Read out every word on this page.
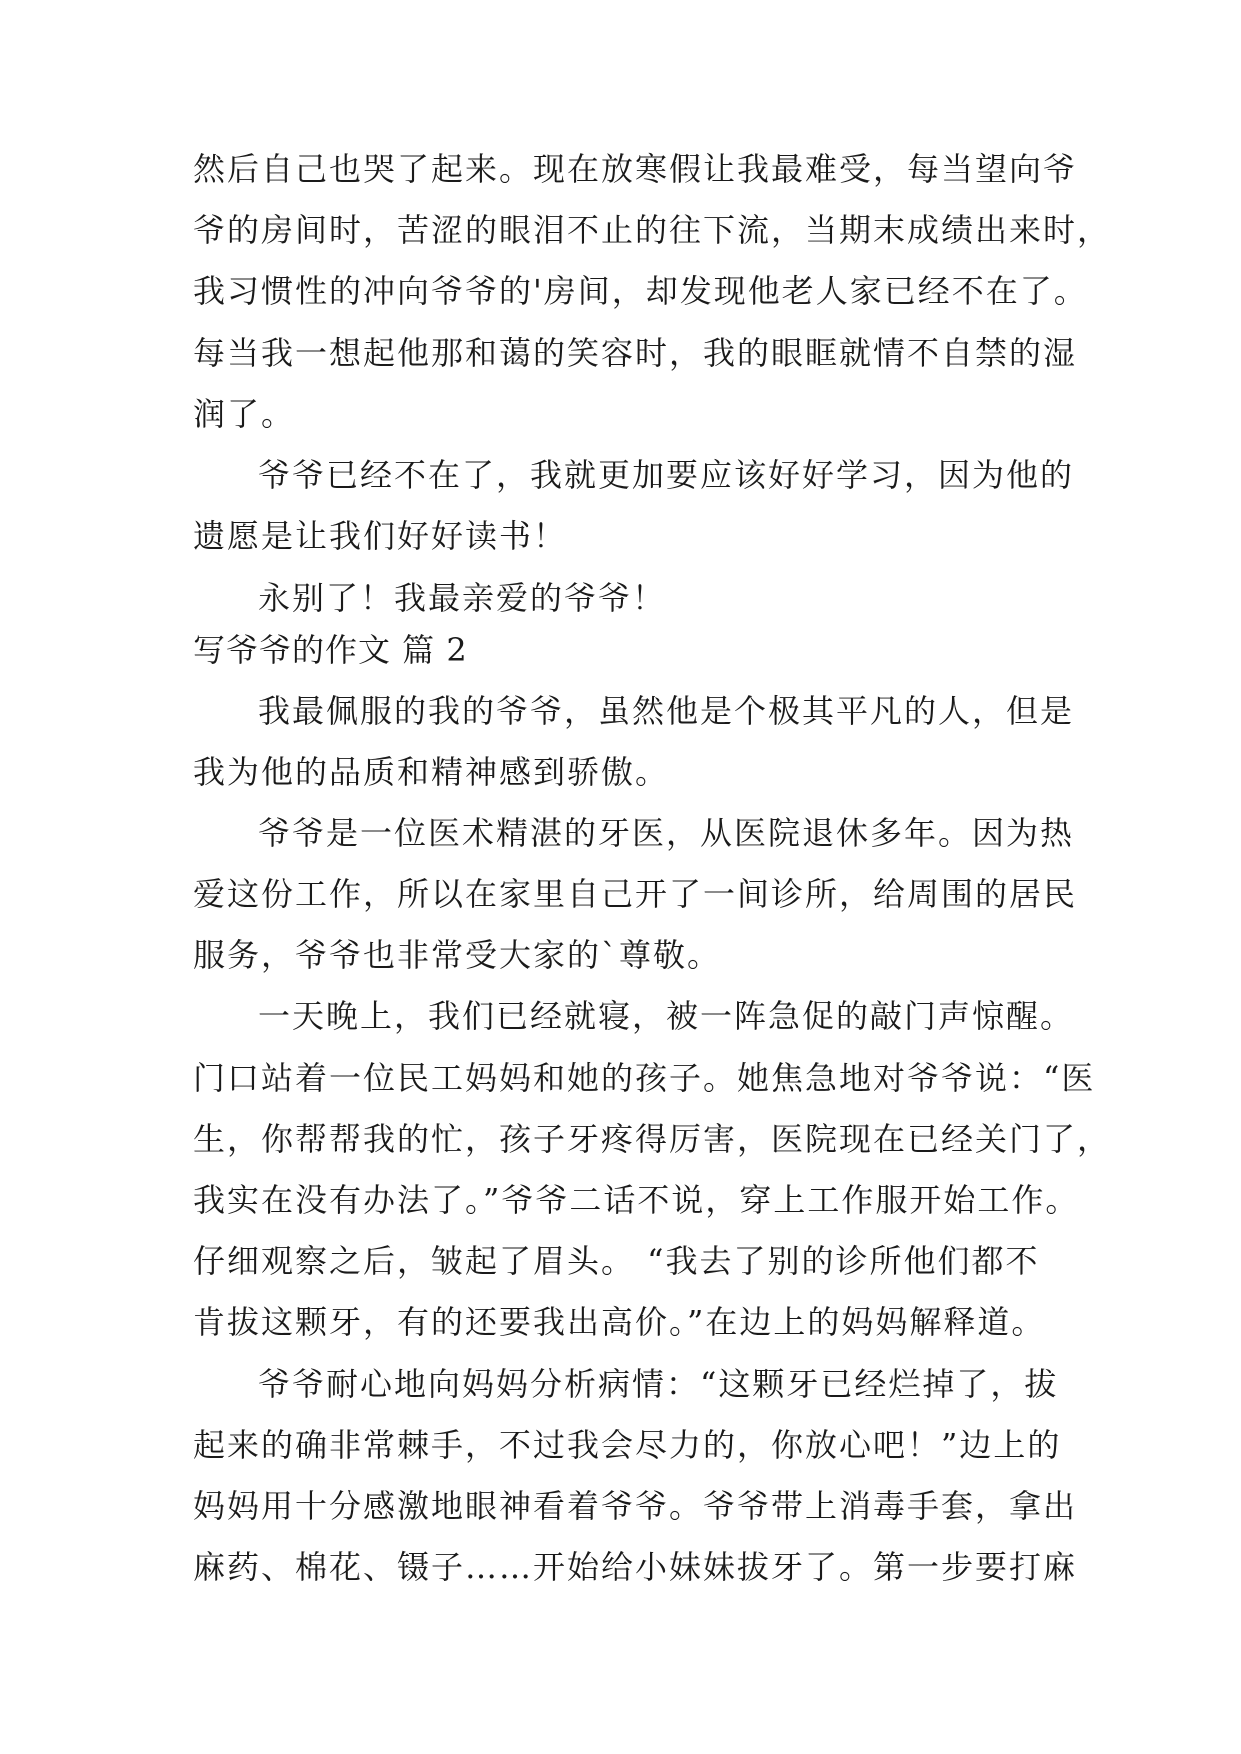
然后自己也哭了起来。现在放寒假让我最难受，每当望向爷
爷的房间时，苦涩的眼泪不止的往下流，当期末成绩出来时，
我习惯性的冲向爷爷的'房间，却发现他老人家已经不在了。
每当我一想起他那和蔼的笑容时，我的眼眶就情不自禁的湿
润了。
爷爷已经不在了，我就更加要应该好好学习，因为他的
遗愿是让我们好好读书！
永别了！我最亲爱的爷爷！
写爷爷的作文 篇 2
我最佩服的我的爷爷，虽然他是个极其平凡的人，但是
我为他的品质和精神感到骄傲。
爷爷是一位医术精湛的牙医，从医院退休多年。因为热
爱这份工作，所以在家里自己开了一间诊所，给周围的居民
服务，爷爷也非常受大家的`尊敬。
一天晚上，我们已经就寝，被一阵急促的敲门声惊醒。
门口站着一位民工妈妈和她的孩子。她焦急地对爷爷说：“医
生，你帮帮我的忙，孩子牙疼得厉害，医院现在已经关门了，
我实在没有办法了。”爷爷二话不说，穿上工作服开始工作。
仔细观察之后，皱起了眉头。 “我去了别的诊所他们都不
肯拔这颗牙，有的还要我出高价。”在边上的妈妈解释道。
爷爷耐心地向妈妈分析病情：“这颗牙已经烂掉了，拔
起来的确非常棘手，不过我会尽力的，你放心吧！”边上的
妈妈用十分感激地眼神看着爷爷。爷爷带上消毒手套，拿出
麻药、棉花、镊子……开始给小妹妹拔牙了。第一步要打麻
